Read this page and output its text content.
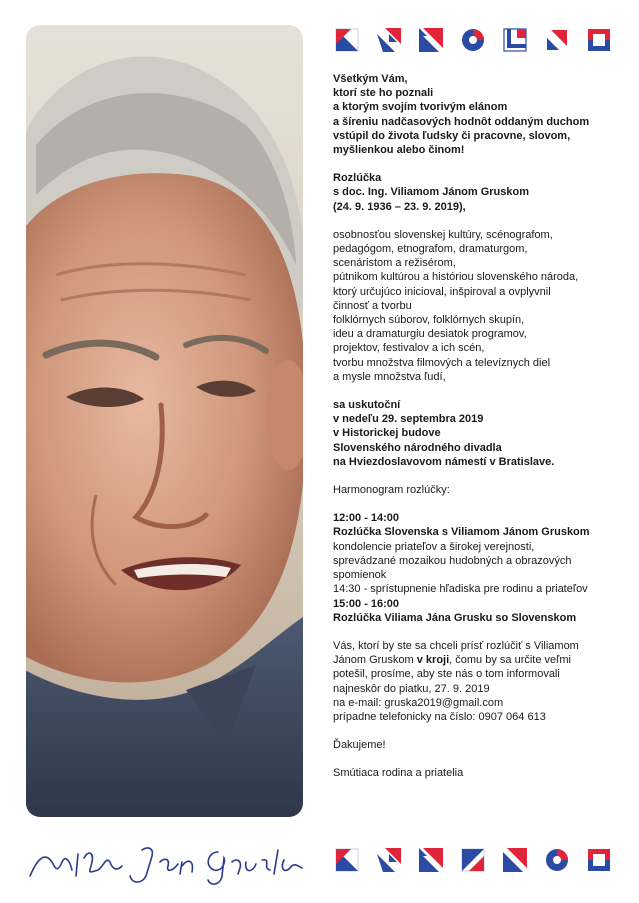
Všetkým Vám,

ktorí ste ho poznali

a ktorým svojím tvorivým elánom

a šíreniu nadčasových hodnôt oddaným duchom

vstúpil do života ľudsky či pracovne, slovom,

myšlienkou alebo činom!

Rozlúčka

s doc. Ing. Viliamom Jánom Gruskom

(24. 9. 1936 – 23. 9. 2019),

osobnosťou slovenskej kultúry, scénografom,

pedagógom, etnografom, dramaturgom,

scenáristom a režisérom,

pútnikom kultúrou a históriou slovenského národa,

ktorý určujúco inicioval, inšpiroval a ovplyvnil

činnosť a tvorbu

folklórnych súborov, folklórnych skupín,

ideu a dramaturgiu desiatok programov,

projektov, festivalov a ich scén,

tvorbu množstva filmových a televíznych diel

a mysle množstva ľudí,

sa uskutoční

v nedeľu 29. septembra 2019

v Historickej budove

Slovenského národného divadla

na Hviezdoslavovom námestí v Bratislave.

Harmonogram rozlúčky:

12:00 - 14:00

Rozlúčka Slovenska s Viliamom Jánom Gruskom

kondolencie priateľov a širokej verejnosti,

sprevádzané mozaikou hudobných a obrazových

spomienok

14:30 - sprístupnenie hľadiska pre rodinu a priateľov

15:00 - 16:00

Rozlúčka Viliama Jána Grusku so Slovenskom

Vás, ktorí by ste sa chceli prísť rozlúčiť s Viliamom

Jánom Gruskom v kroji, čomu by sa určite veľmi

potešil, prosíme, aby ste nás o tom informovali

najneskôr do piatku, 27. 9. 2019

na e-mail: gruska2019@gmail.com

prípadne telefonicky na číslo: 0907 064 613

Ďakujeme!

Smútiaca rodina a priatelia
